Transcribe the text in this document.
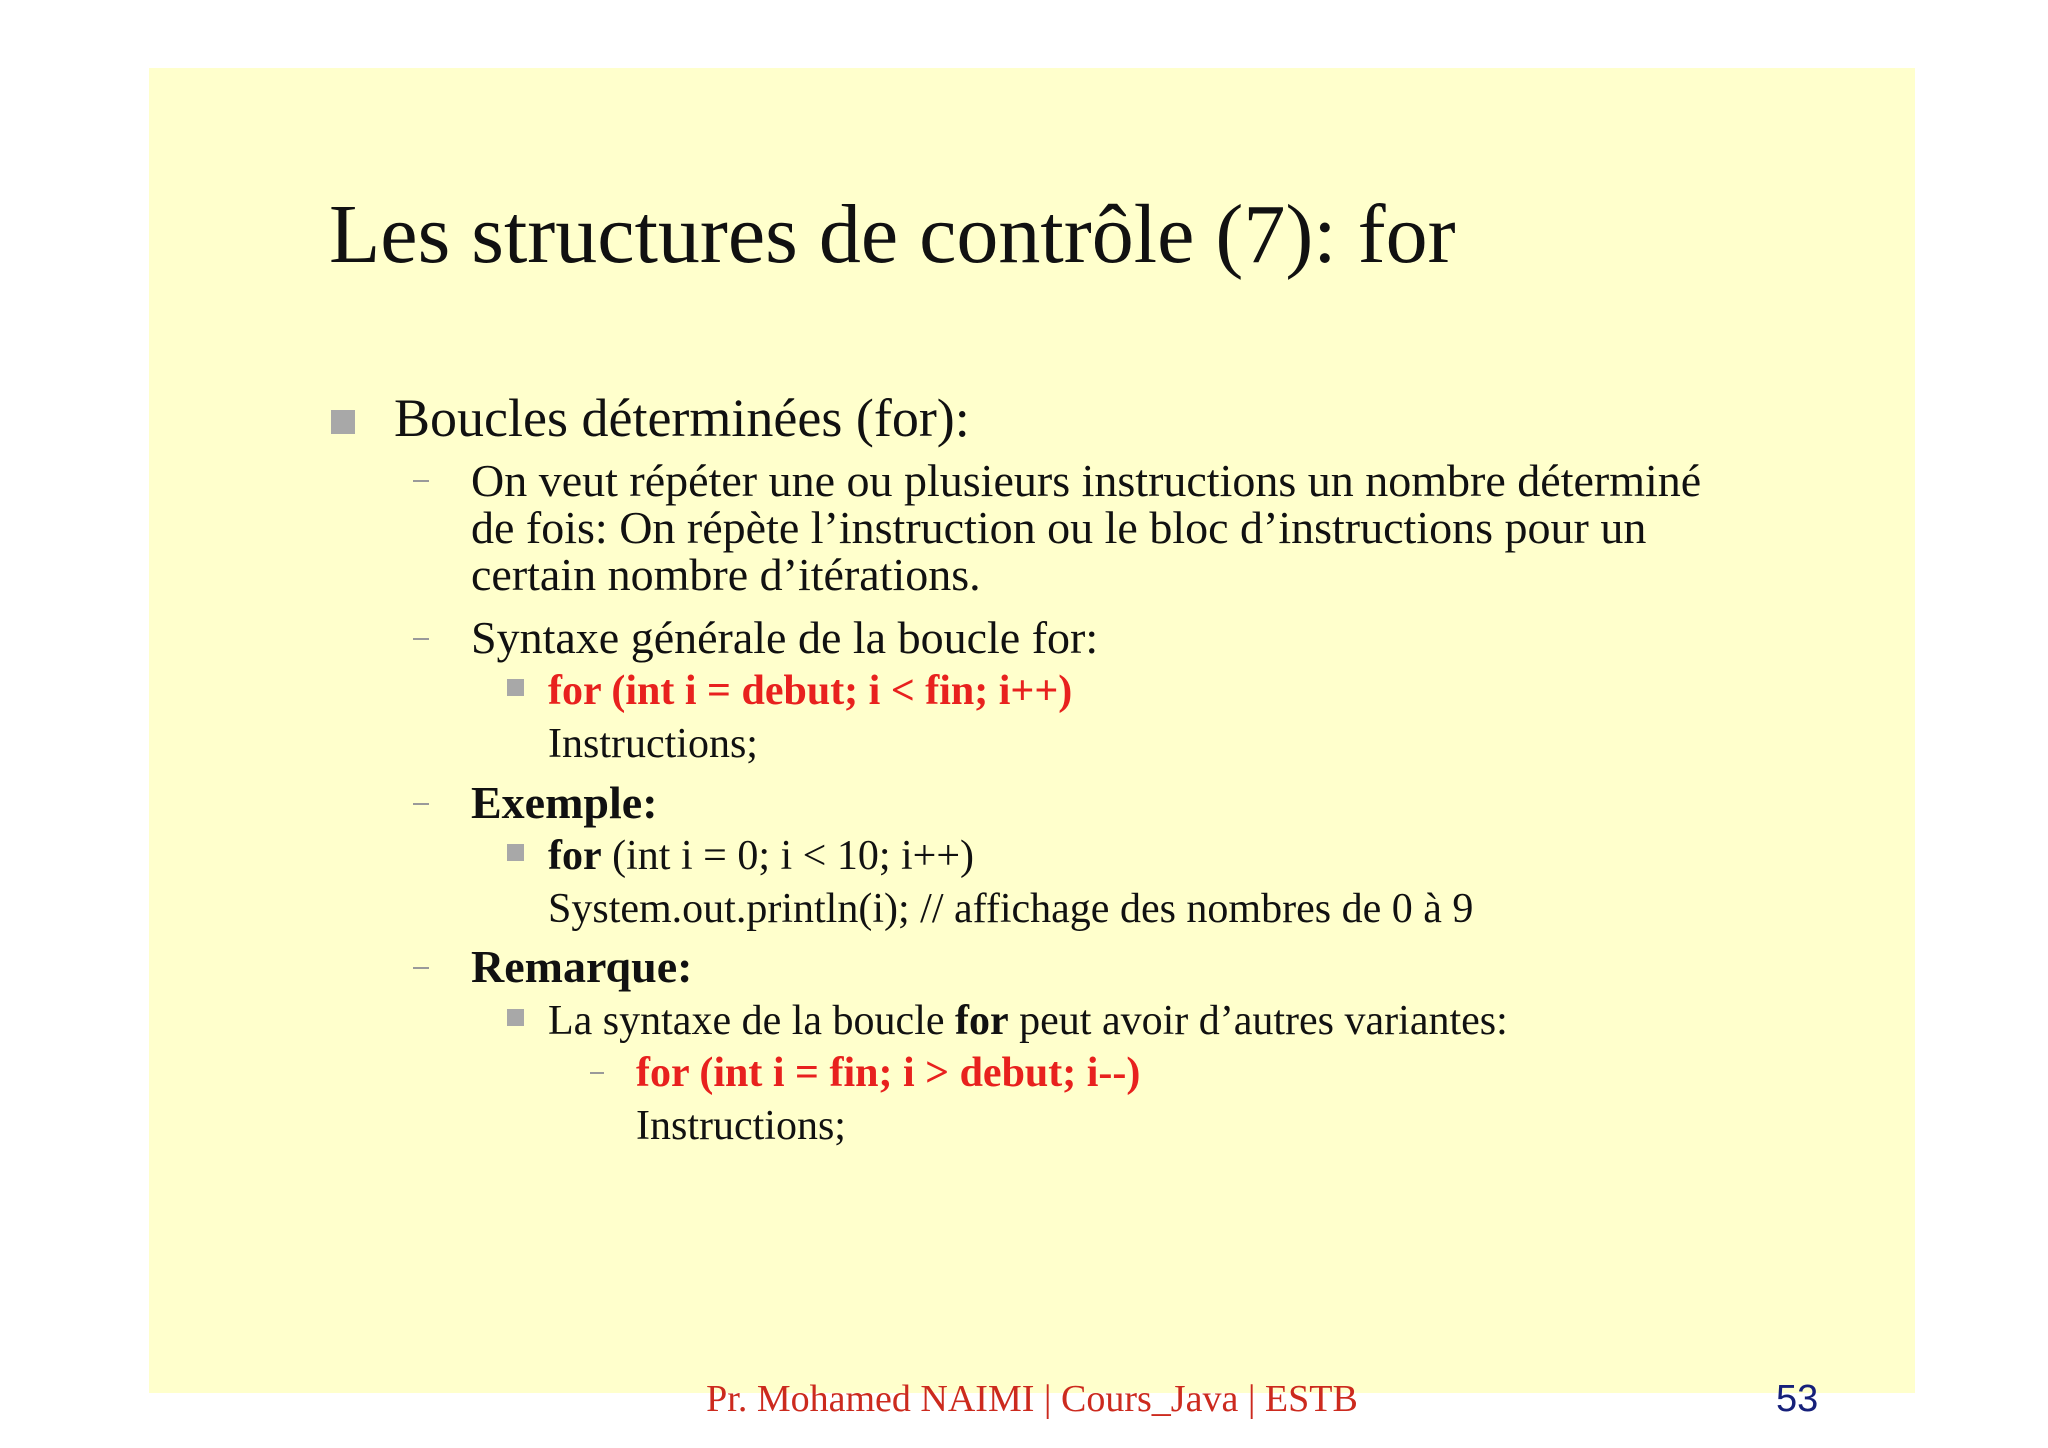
Les structures de contrôle (7): for
Boucles déterminées (for):
On veut répéter une ou plusieurs instructions un nombre déterminé
de fois: On répète l’instruction ou le bloc d’instructions pour un
certain nombre d’itérations.
Syntaxe générale de la boucle for:
for (int i = debut; i < fin; i++)
Instructions;
Exemple:
for (int i = 0; i < 10; i++)
System.out.println(i); // affichage des nombres de 0 à 9
Remarque:
La syntaxe de la boucle for peut avoir d’autres variantes:
for (int i = fin; i > debut; i--)
Instructions;
Pr. Mohamed NAIMI | Cours_Java | ESTB	53
